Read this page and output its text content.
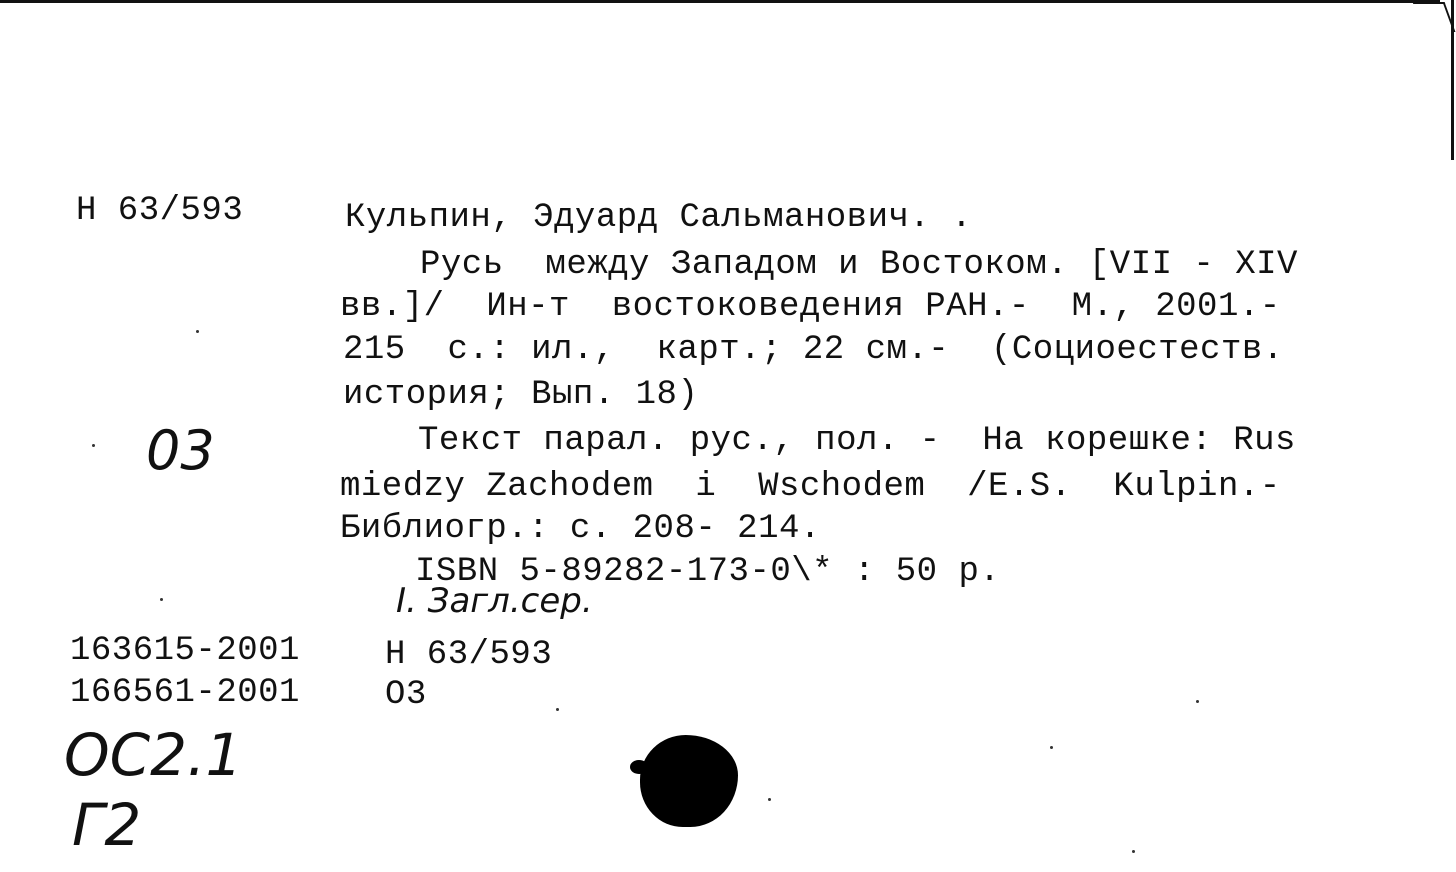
Н 63/593	Кульпин, Эдуард Сальманович. .
Русь  между Западом и Востоком. [VII - XIV
вв.]/  Ин-т  востоковедения РАН.-  М., 2001.-
215  с.: ил.,  карт.; 22 см.-  (Социоестеств.
история; Вып. 18)
03	Текст парал. рус., пол. -  На корешке: Rus
miedzy Zachodem  i  Wschodem  /E.S.  Kulpin.-
Библиогр.: с. 208- 214.
ISBN 5-89282-173-0\* : 50 р.
I. Загл.сер.
163615-2001	Н 63/593
166561-2001	О3
ОС2.1
Г2
